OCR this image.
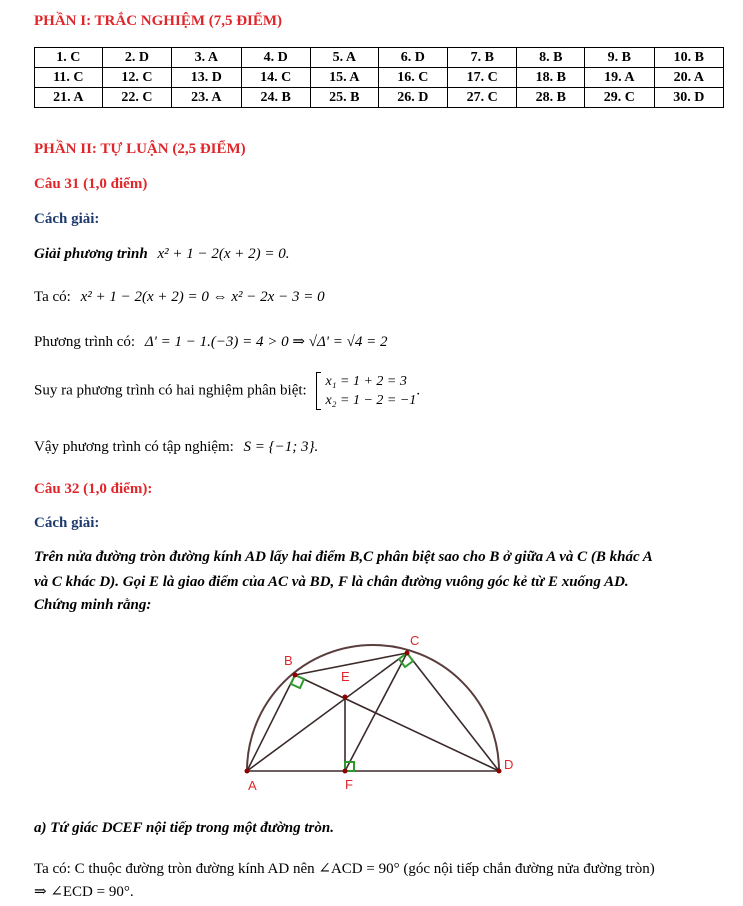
PHẦN I: TRẮC NGHIỆM (7,5 ĐIỂM)
1. C	2. D	3. A	4. D	5. A	6. D	7. B	8. B	9. B	10. B
11. C	12. C	13. D	14. C	15. A	16. C	17. C	18. B	19. A	20. A
21. A	22. C	23. A	24. B	25. B	26. D	27. C	28. B	29. C	30. D
PHẦN II: TỰ LUẬN (2,5 ĐIỂM)
Câu 31 (1,0 điểm)
Cách giải:
Giải phương trình x² + 1 − 2(x + 2) = 0.
Ta có: x² + 1 − 2(x + 2) = 0 ⇔ x² − 2x − 3 = 0
Phương trình có: Δ' = 1 − 1.(−3) = 4 > 0 ⇒ √Δ' = √4 = 2
Suy ra phương trình có hai nghiệm phân biệt: x₁ = 1 + 2 = 3
x₂ = 1 − 2 = −1.
Vậy phương trình có tập nghiệm: S = {−1; 3}.
Câu 32 (1,0 điểm):
Cách giải:
Trên nửa đường tròn đường kính AD lấy hai điểm B,C phân biệt sao cho B ở giữa A và C (B khác A
và C khác D). Gọi E là giao điểm của AC và BD, F là chân đường vuông góc kẻ từ E xuống AD.
Chứng minh rằng:
A
B
C
D
E
F
a) Tứ giác DCEF nội tiếp trong một đường tròn.
Ta có: C thuộc đường tròn đường kính AD nên ∠ACD = 90° (góc nội tiếp chắn đường nửa đường tròn)
⇒ ∠ECD = 90°.
